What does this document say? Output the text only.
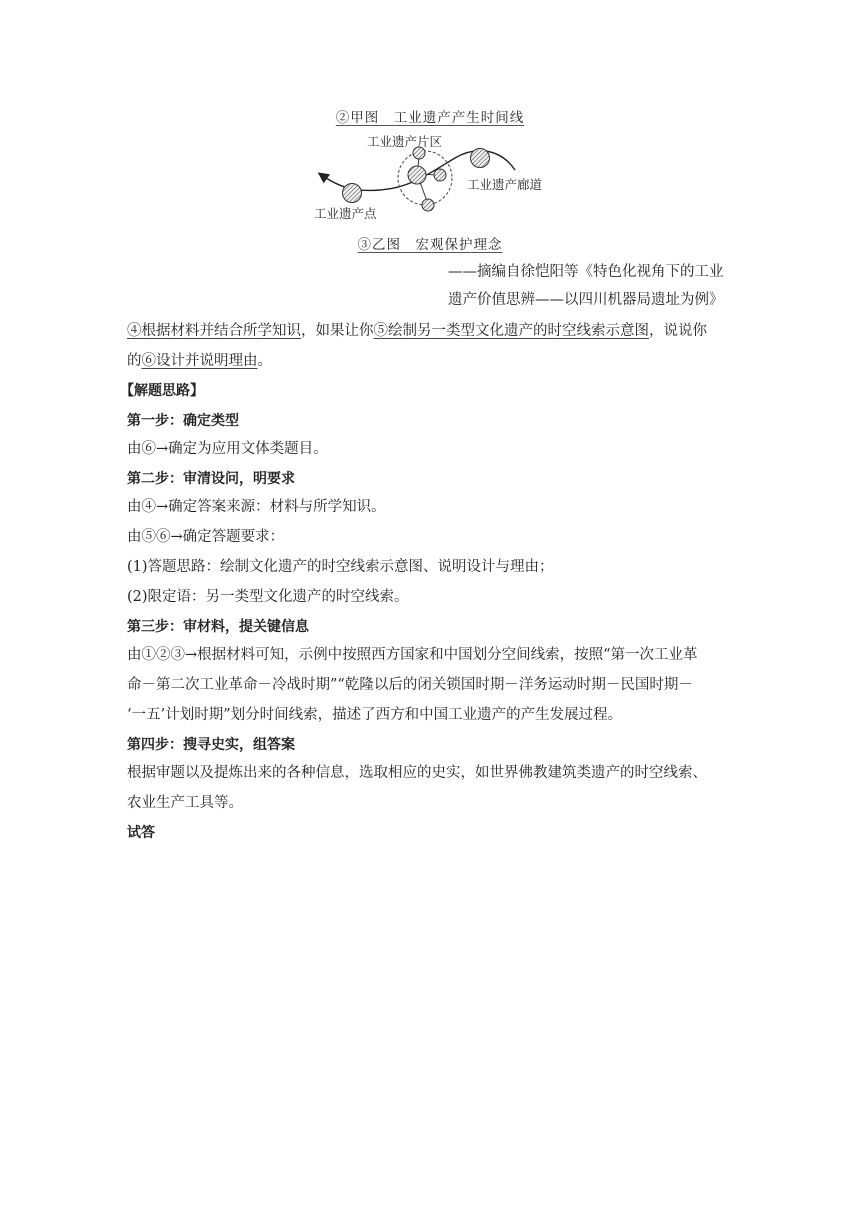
②甲图　工业遗产产生时间线
工业遗产片区
工业遗产廊道
工业遗产点
③乙图　宏观保护理念
——摘编自徐恺阳等《特色化视角下的工业
遗产价值思辨——以四川机器局遗址为例》
④根据材料并结合所学知识，如果让你⑤绘制另一类型文化遗产的时空线索示意图，说说你
的⑥设计并说明理由。
【解题思路】
第一步：确定类型
由⑥→确定为应用文体类题目。
第二步：审清设问，明要求
由④→确定答案来源：材料与所学知识。
由⑤⑥→确定答题要求：
(1)答题思路：绘制文化遗产的时空线索示意图、说明设计与理由；
(2)限定语：另一类型文化遗产的时空线索。
第三步：审材料，提关键信息
由①②③→根据材料可知，示例中按照西方国家和中国划分空间线索，按照“第一次工业革
命－第二次工业革命－冷战时期”“乾隆以后的闭关锁国时期－洋务运动时期－民国时期－
‘一五’计划时期”划分时间线索，描述了西方和中国工业遗产的产生发展过程。
第四步：搜寻史实，组答案
根据审题以及提炼出来的各种信息，选取相应的史实，如世界佛教建筑类遗产的时空线索、
农业生产工具等。
试答
